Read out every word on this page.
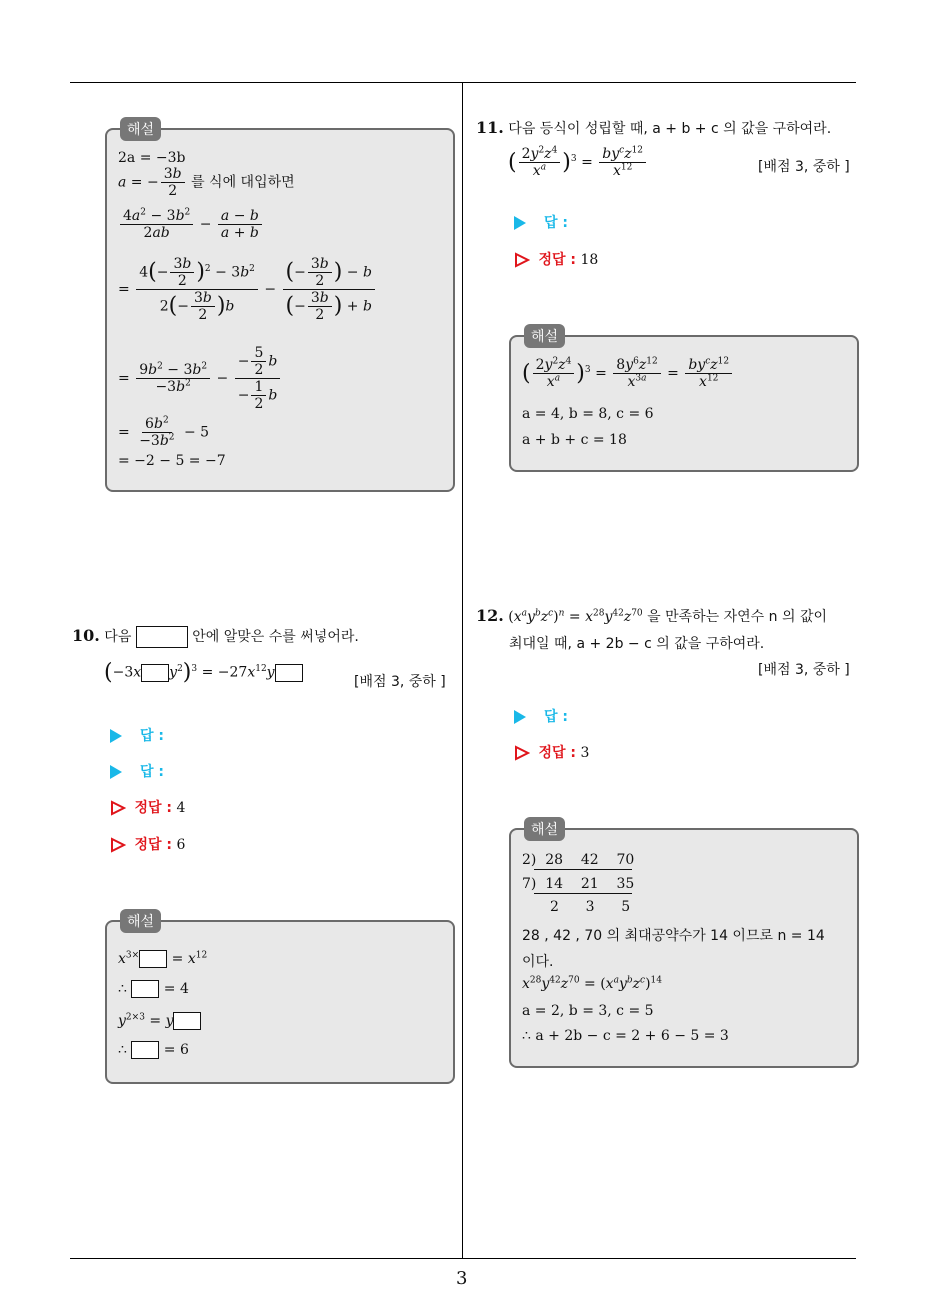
3
해설
2a = −3b
a = − $\frac{3b}{2}$ 를 식에 대입하면
$\frac{4a^2 - 3b^2}{2ab} - \frac{a - b}{a + b}$
= $\frac{4(- \frac{3b}{2} )^2 - 3b^2}{2(- \frac{3b}{2} )b} - \frac{(- \frac{3b}{2} ) - b}{(- \frac{3b}{2} ) + b}$
= $\frac{9b^2 - 3b^2}{-3b^2} - \frac{- \frac{5}{2} b}{- \frac{1}{2} b}$
= $\frac{6b^2}{-3b^2} - 5$
= −2 − 5 = −7
10. 다음	안에 알맞은 수를 써넣어라.
(−3x $y^2)^3 = -27x^{12}y$
[배점 3, 중하 ]
답 :
답 :
정답 : 4
정답 : 6
해설
$x^{3\times} = x^{12}$
∴  = 4
$y^{2\times 3} = y$
∴  = 6
11. 다음 등식이 성립할 때, a + b + c 의 값을 구하여라.
( $\frac{2y^2z^4}{x^a} )^3 = \frac{by^cz^{12}}{x^{12}}$	[배점 3, 중하 ]
답 :
정답 : 18
해설
( $\frac{2y^2z^4}{x^a} )^3 = \frac{8y^6z^{12}}{x^{3a}} = \frac{by^cz^{12}}{x^{12}}$
a = 4, b = 8, c = 6
a + b + c = 18
12. $(x^ay^bz^c)^n = x^{28}y^{42}z^{70}$ 을 만족하는 자연수 n 의 값이
최대일 때, a + 2b − c 의 값을 구하여라.
[배점 3, 중하 ]
답 :
정답 : 3
해설
2)  28    42    70
7)  14    21    35
2      3      5
28 , 42 , 70 의 최대공약수가 14 이므로 n = 14
이다.
$x^{28}y^{42}z^{70} = (x^ay^bz^c)^{14}$
a = 2, b = 3, c = 5
∴ a + 2b − c = 2 + 6 − 5 = 3
